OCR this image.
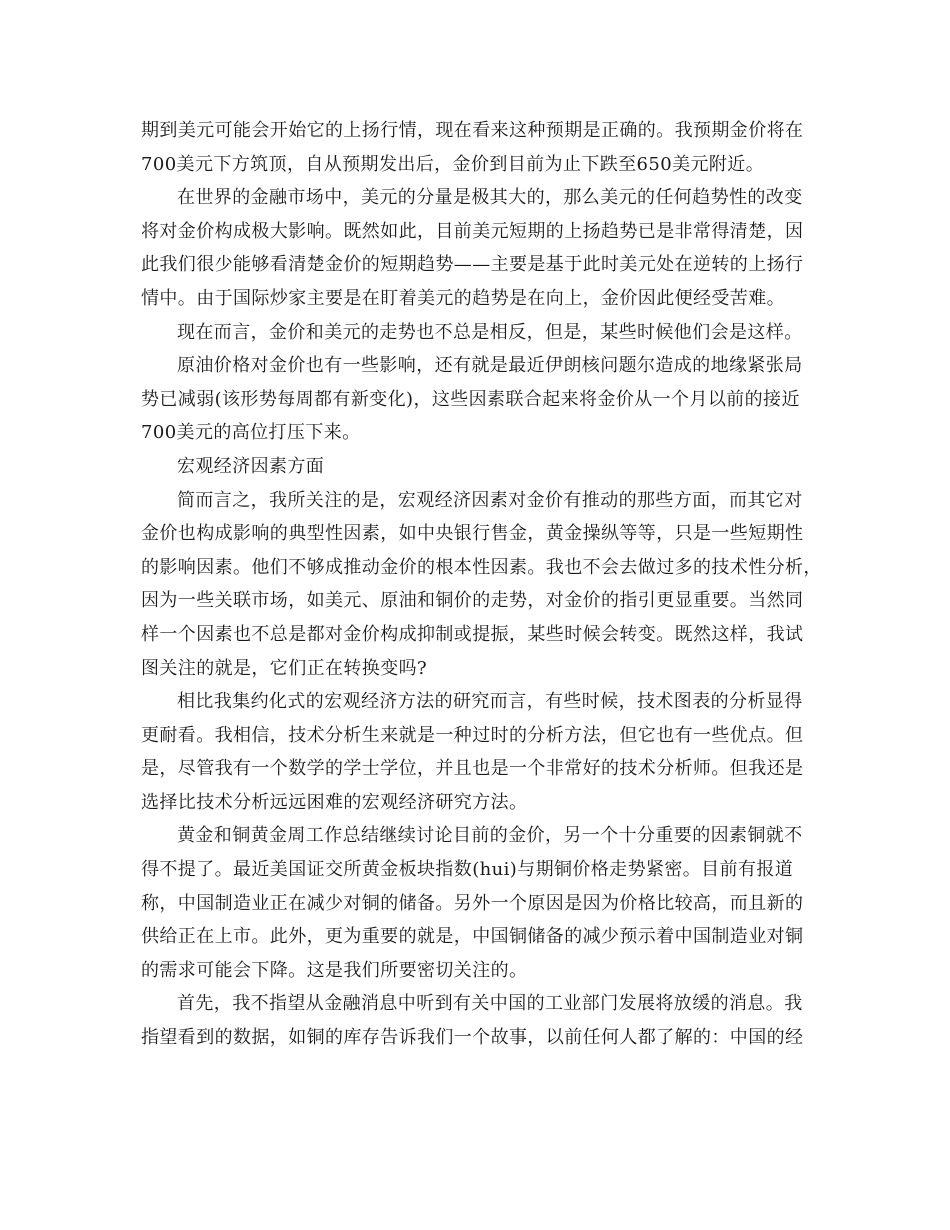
期到美元可能会开始它的上扬行情，现在看来这种预期是正确的。我预期金价将在
700美元下方筑顶，自从预期发出后，金价到目前为止下跌至650美元附近。
在世界的金融市场中，美元的分量是极其大的，那么美元的任何趋势性的改变
将对金价构成极大影响。既然如此，目前美元短期的上扬趋势已是非常得清楚，因
此我们很少能够看清楚金价的短期趋势——主要是基于此时美元处在逆转的上扬行
情中。由于国际炒家主要是在盯着美元的趋势是在向上，金价因此便经受苦难。
现在而言，金价和美元的走势也不总是相反，但是，某些时候他们会是这样。
原油价格对金价也有一些影响，还有就是最近伊朗核问题尔造成的地缘紧张局
势已减弱(该形势每周都有新变化)，这些因素联合起来将金价从一个月以前的接近
700美元的高位打压下来。
宏观经济因素方面
简而言之，我所关注的是，宏观经济因素对金价有推动的那些方面，而其它对
金价也构成影响的典型性因素，如中央银行售金，黄金操纵等等，只是一些短期性
的影响因素。他们不够成推动金价的根本性因素。我也不会去做过多的技术性分析，
因为一些关联市场，如美元、原油和铜价的走势，对金价的指引更显重要。当然同
样一个因素也不总是都对金价构成抑制或提振，某些时候会转变。既然这样，我试
图关注的就是，它们正在转换变吗?
相比我集约化式的宏观经济方法的研究而言，有些时候，技术图表的分析显得
更耐看。我相信，技术分析生来就是一种过时的分析方法，但它也有一些优点。但
是，尽管我有一个数学的学士学位，并且也是一个非常好的技术分析师。但我还是
选择比技术分析远远困难的宏观经济研究方法。
黄金和铜黄金周工作总结继续讨论目前的金价，另一个十分重要的因素铜就不
得不提了。最近美国证交所黄金板块指数(hui)与期铜价格走势紧密。目前有报道
称，中国制造业正在减少对铜的储备。另外一个原因是因为价格比较高，而且新的
供给正在上市。此外，更为重要的就是，中国铜储备的减少预示着中国制造业对铜
的需求可能会下降。这是我们所要密切关注的。
首先，我不指望从金融消息中听到有关中国的工业部门发展将放缓的消息。我
指望看到的数据，如铜的库存告诉我们一个故事，以前任何人都了解的：中国的经
